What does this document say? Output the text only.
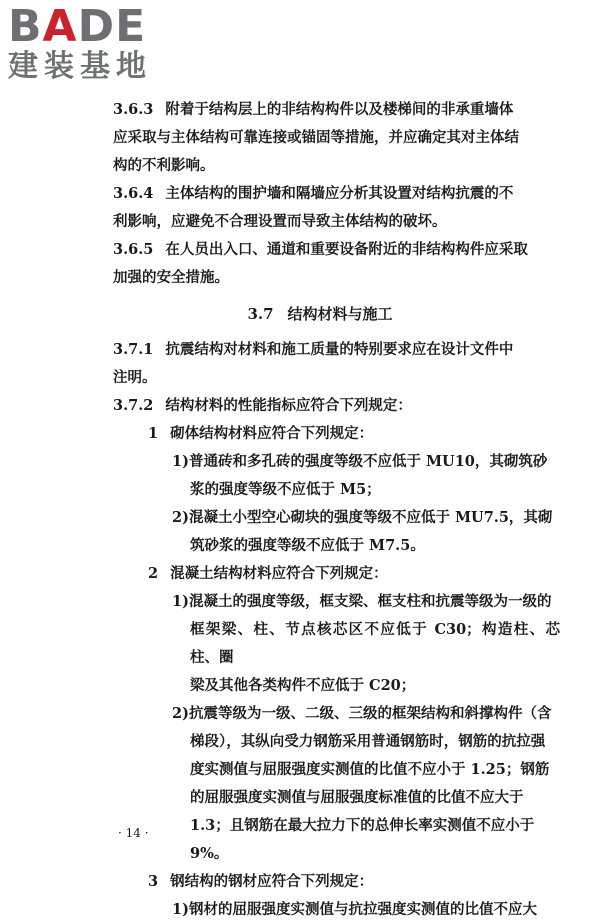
BADE
建装基地

3.6.3 附着于结构层上的非结构构件以及楼梯间的非承重墙体

应采取与主体结构可靠连接或锚固等措施，并应确定其对主体结

构的不利影响。

3.6.4 主体结构的围护墙和隔墙应分析其设置对结构抗震的不

利影响，应避免不合理设置而导致主体结构的破坏。

3.6.5 在人员出入口、通道和重要设备附近的非结构构件应采取

加强的安全措施。

3.7 结构材料与施工

3.7.1 抗震结构对材料和施工质量的特别要求应在设计文件中

注明。

3.7.2 结构材料的性能指标应符合下列规定：

1 砌体结构材料应符合下列规定：

1)普通砖和多孔砖的强度等级不应低于 MU10，其砌筑砂

浆的强度等级不应低于 M5；

2)混凝土小型空心砌块的强度等级不应低于 MU7.5，其砌

筑砂浆的强度等级不应低于 M7.5。

2 混凝土结构材料应符合下列规定：

1)混凝土的强度等级，框支梁、框支柱和抗震等级为一级的

框架梁、柱、节点核芯区不应低于 C30；构造柱、芯柱、圈

梁及其他各类构件不应低于 C20；

2)抗震等级为一级、二级、三级的框架结构和斜撑构件（含

梯段），其纵向受力钢筋采用普通钢筋时，钢筋的抗拉强

度实测值与屈服强度实测值的比值不应小于 1.25；钢筋

的屈服强度实测值与屈服强度标准值的比值不应大于

1.3；且钢筋在最大拉力下的总伸长率实测值不应小于

9%。

3 钢结构的钢材应符合下列规定：

1)钢材的屈服强度实测值与抗拉强度实测值的比值不应大

· 14 ·
